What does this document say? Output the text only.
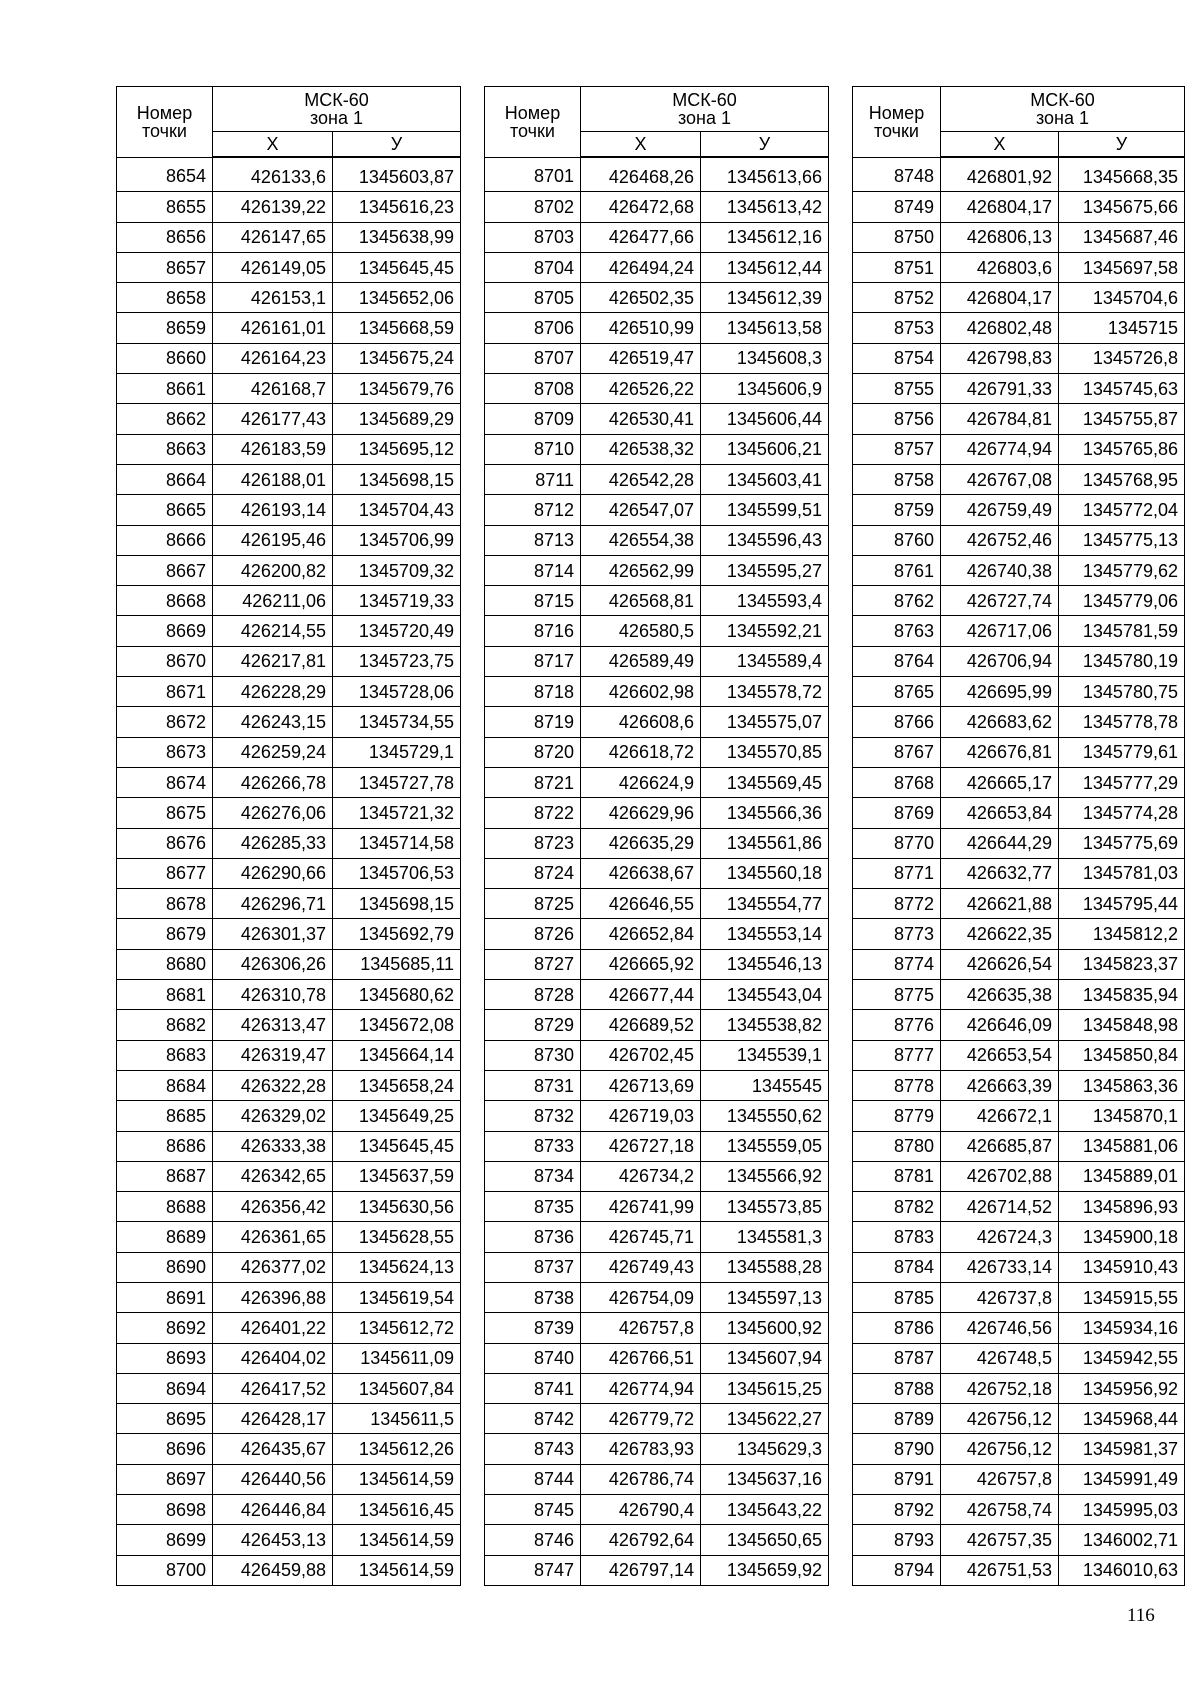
Номер
точки	МСК-60
зона 1	
	Х	У
8654	426133,6	1345603,87
8655	426139,22	1345616,23
8656	426147,65	1345638,99
8657	426149,05	1345645,45
8658	426153,1	1345652,06
8659	426161,01	1345668,59
8660	426164,23	1345675,24
8661	426168,7	1345679,76
8662	426177,43	1345689,29
8663	426183,59	1345695,12
8664	426188,01	1345698,15
8665	426193,14	1345704,43
8666	426195,46	1345706,99
8667	426200,82	1345709,32
8668	426211,06	1345719,33
8669	426214,55	1345720,49
8670	426217,81	1345723,75
8671	426228,29	1345728,06
8672	426243,15	1345734,55
8673	426259,24	1345729,1
8674	426266,78	1345727,78
8675	426276,06	1345721,32
8676	426285,33	1345714,58
8677	426290,66	1345706,53
8678	426296,71	1345698,15
8679	426301,37	1345692,79
8680	426306,26	1345685,11
8681	426310,78	1345680,62
8682	426313,47	1345672,08
8683	426319,47	1345664,14
8684	426322,28	1345658,24
8685	426329,02	1345649,25
8686	426333,38	1345645,45
8687	426342,65	1345637,59
8688	426356,42	1345630,56
8689	426361,65	1345628,55
8690	426377,02	1345624,13
8691	426396,88	1345619,54
8692	426401,22	1345612,72
8693	426404,02	1345611,09
8694	426417,52	1345607,84
8695	426428,17	1345611,5
8696	426435,67	1345612,26
8697	426440,56	1345614,59
8698	426446,84	1345616,45
8699	426453,13	1345614,59
8700	426459,88	1345614,59
Номер
точки	МСК-60
зона 1	
	Х	У
8701	426468,26	1345613,66
8702	426472,68	1345613,42
8703	426477,66	1345612,16
8704	426494,24	1345612,44
8705	426502,35	1345612,39
8706	426510,99	1345613,58
8707	426519,47	1345608,3
8708	426526,22	1345606,9
8709	426530,41	1345606,44
8710	426538,32	1345606,21
8711	426542,28	1345603,41
8712	426547,07	1345599,51
8713	426554,38	1345596,43
8714	426562,99	1345595,27
8715	426568,81	1345593,4
8716	426580,5	1345592,21
8717	426589,49	1345589,4
8718	426602,98	1345578,72
8719	426608,6	1345575,07
8720	426618,72	1345570,85
8721	426624,9	1345569,45
8722	426629,96	1345566,36
8723	426635,29	1345561,86
8724	426638,67	1345560,18
8725	426646,55	1345554,77
8726	426652,84	1345553,14
8727	426665,92	1345546,13
8728	426677,44	1345543,04
8729	426689,52	1345538,82
8730	426702,45	1345539,1
8731	426713,69	1345545
8732	426719,03	1345550,62
8733	426727,18	1345559,05
8734	426734,2	1345566,92
8735	426741,99	1345573,85
8736	426745,71	1345581,3
8737	426749,43	1345588,28
8738	426754,09	1345597,13
8739	426757,8	1345600,92
8740	426766,51	1345607,94
8741	426774,94	1345615,25
8742	426779,72	1345622,27
8743	426783,93	1345629,3
8744	426786,74	1345637,16
8745	426790,4	1345643,22
8746	426792,64	1345650,65
8747	426797,14	1345659,92
Номер
точки	МСК-60
зона 1	
	Х	У
8748	426801,92	1345668,35
8749	426804,17	1345675,66
8750	426806,13	1345687,46
8751	426803,6	1345697,58
8752	426804,17	1345704,6
8753	426802,48	1345715
8754	426798,83	1345726,8
8755	426791,33	1345745,63
8756	426784,81	1345755,87
8757	426774,94	1345765,86
8758	426767,08	1345768,95
8759	426759,49	1345772,04
8760	426752,46	1345775,13
8761	426740,38	1345779,62
8762	426727,74	1345779,06
8763	426717,06	1345781,59
8764	426706,94	1345780,19
8765	426695,99	1345780,75
8766	426683,62	1345778,78
8767	426676,81	1345779,61
8768	426665,17	1345777,29
8769	426653,84	1345774,28
8770	426644,29	1345775,69
8771	426632,77	1345781,03
8772	426621,88	1345795,44
8773	426622,35	1345812,2
8774	426626,54	1345823,37
8775	426635,38	1345835,94
8776	426646,09	1345848,98
8777	426653,54	1345850,84
8778	426663,39	1345863,36
8779	426672,1	1345870,1
8780	426685,87	1345881,06
8781	426702,88	1345889,01
8782	426714,52	1345896,93
8783	426724,3	1345900,18
8784	426733,14	1345910,43
8785	426737,8	1345915,55
8786	426746,56	1345934,16
8787	426748,5	1345942,55
8788	426752,18	1345956,92
8789	426756,12	1345968,44
8790	426756,12	1345981,37
8791	426757,8	1345991,49
8792	426758,74	1345995,03
8793	426757,35	1346002,71
8794	426751,53	1346010,63
116
